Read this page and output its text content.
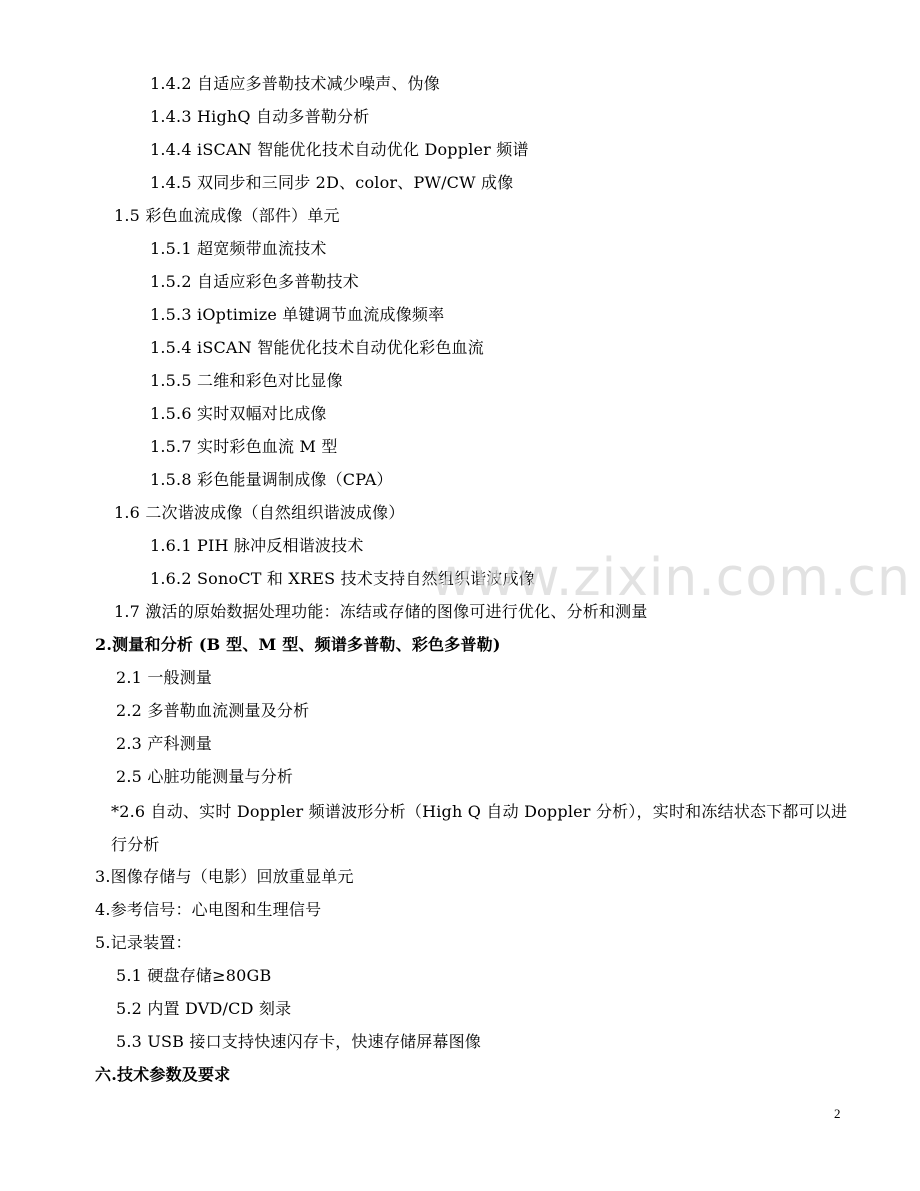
1.4.2 自适应多普勒技术减少噪声、伪像
1.4.3 HighQ 自动多普勒分析
1.4.4 iSCAN 智能优化技术自动优化 Doppler 频谱
1.4.5 双同步和三同步 2D、color、PW/CW 成像
1.5 彩色血流成像（部件）单元
1.5.1 超宽频带血流技术
1.5.2 自适应彩色多普勒技术
1.5.3 iOptimize 单键调节血流成像频率
1.5.4 iSCAN 智能优化技术自动优化彩色血流
1.5.5 二维和彩色对比显像
1.5.6 实时双幅对比成像
1.5.7 实时彩色血流 M 型
1.5.8 彩色能量调制成像（CPA）
1.6 二次谐波成像（自然组织谐波成像）
1.6.1 PIH 脉冲反相谐波技术
1.6.2 SonoCT 和 XRES 技术支持自然组织谐波成像
1.7 激活的原始数据处理功能：冻结或存储的图像可进行优化、分析和测量
2.测量和分析 (B 型、M 型、频谱多普勒、彩色多普勒)
2.1 一般测量
2.2 多普勒血流测量及分析
2.3 产科测量
2.5 心脏功能测量与分析
*2.6 自动、实时 Doppler 频谱波形分析（High Q 自动 Doppler 分析），实时和冻结状态下都可以进行分析
3.图像存储与（电影）回放重显单元
4.参考信号：心电图和生理信号
5.记录装置：
5.1 硬盘存储≥80GB
5.2 内置 DVD/CD 刻录
5.3 USB 接口支持快速闪存卡，快速存储屏幕图像
六.技术参数及要求
www.zixin.com.cn
2
